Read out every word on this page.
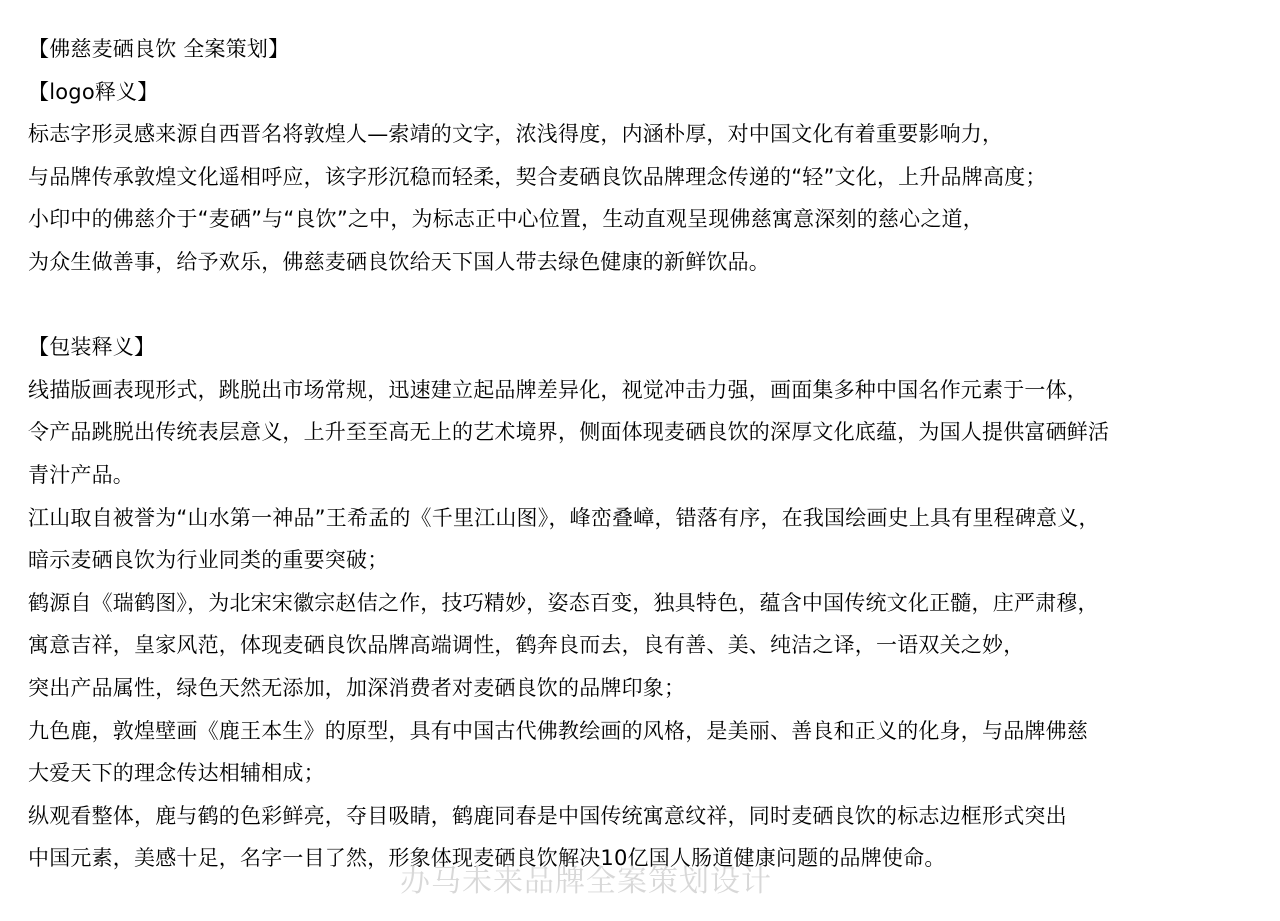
【佛慈麦硒良饮 全案策划】
【logo释义】
标志字形灵感来源自西晋名将敦煌人—索靖的文字，浓浅得度，内涵朴厚，对中国文化有着重要影响力，
与品牌传承敦煌文化遥相呼应，该字形沉稳而轻柔，契合麦硒良饮品牌理念传递的“轻”文化，上升品牌高度；
小印中的佛慈介于“麦硒”与“良饮”之中，为标志正中心位置，生动直观呈现佛慈寓意深刻的慈心之道，
为众生做善事，给予欢乐，佛慈麦硒良饮给天下国人带去绿色健康的新鲜饮品。
【包装释义】
线描版画表现形式，跳脱出市场常规，迅速建立起品牌差异化，视觉冲击力强，画面集多种中国名作元素于一体，
令产品跳脱出传统表层意义，上升至至高无上的艺术境界，侧面体现麦硒良饮的深厚文化底蕴，为国人提供富硒鲜活
青汁产品。
江山取自被誉为“山水第一神品”王希孟的《千里江山图》，峰峦叠嶂，错落有序，在我国绘画史上具有里程碑意义，
暗示麦硒良饮为行业同类的重要突破；
鹤源自《瑞鹤图》，为北宋宋徽宗赵佶之作，技巧精妙，姿态百变，独具特色，蕴含中国传统文化正髓，庄严肃穆，
寓意吉祥，皇家风范，体现麦硒良饮品牌高端调性，鹤奔良而去，良有善、美、纯洁之译，一语双关之妙，
突出产品属性，绿色天然无添加，加深消费者对麦硒良饮的品牌印象；
九色鹿，敦煌壁画《鹿王本生》的原型，具有中国古代佛教绘画的风格，是美丽、善良和正义的化身，与品牌佛慈
大爱天下的理念传达相辅相成；
纵观看整体，鹿与鹤的色彩鲜亮，夺目吸睛，鹤鹿同春是中国传统寓意纹祥，同时麦硒良饮的标志边框形式突出
中国元素，美感十足，名字一目了然，形象体现麦硒良饮解决10亿国人肠道健康问题的品牌使命。
办马未来品牌全案策划设计
